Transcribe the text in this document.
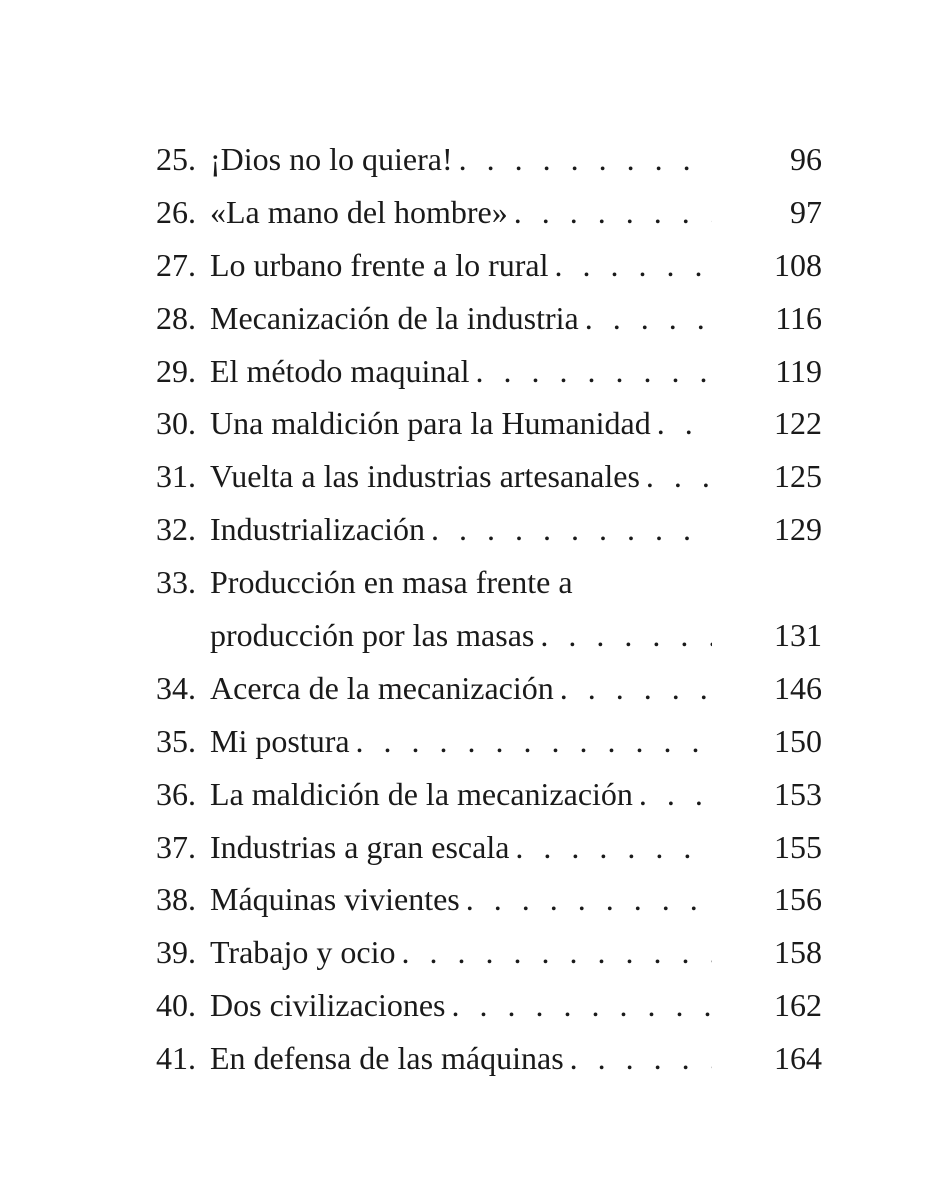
25. ¡Dios no lo quiera! . . .	96
26. «La mano del hombre» . . .	97
27. Lo urbano frente a lo rural . . .	108
28. Mecanización de la industria . . .	116
29. El método maquinal . . .	119
30. Una maldición para la Humanidad . . .	122
31. Vuelta a las industrias artesanales . . .	125
32. Industrialización . . .	129
33. Producción en masa frente a
producción por las masas . . .	131
34. Acerca de la mecanización . . .	146
35. Mi postura . . .	150
36. La maldición de la mecanización . . .	153
37. Industrias a gran escala . . .	155
38. Máquinas vivientes . . .	156
39. Trabajo y ocio . . .	158
40. Dos civilizaciones . . .	162
41. En defensa de las máquinas . . .	164
